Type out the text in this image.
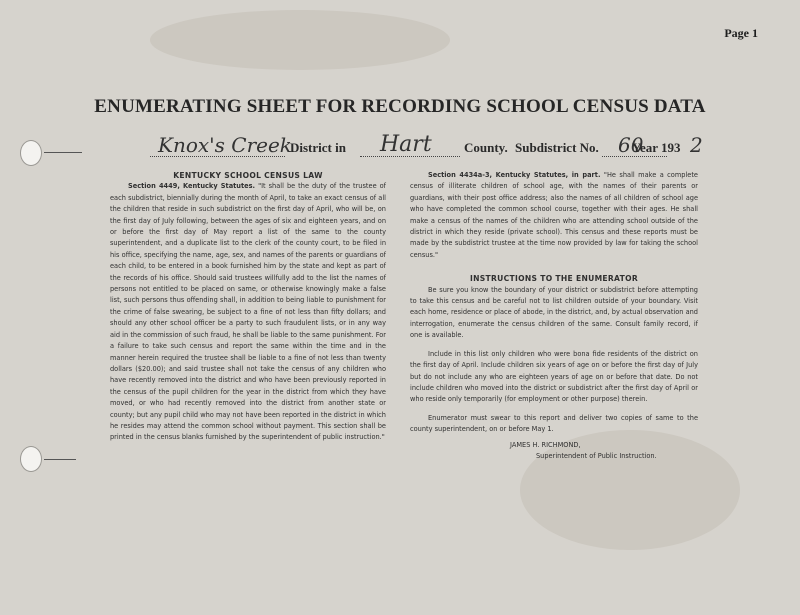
Page 1
ENUMERATING SHEET FOR RECORDING SCHOOL CENSUS DATA
Knox's Creek
District in Hart County. Subdistrict No. 60
Year 193 2

KENTUCKY SCHOOL CENSUS LAW

Section 4449, Kentucky Statutes. "It shall be the duty of the trustee of each subdistrict, biennially during the month of April, to take an exact census of all the children that reside in such subdistrict on the first day of April, who will be, on the first day of July following, between the ages of six and eighteen years, and on or before the first day of May report a list of the same to the county superintendent, and a duplicate list to the clerk of the county court, to be filed in his office, specifying the name, age, sex, and names of the parents or guardians of each child, to be entered in a book furnished him by the state and kept as part of the records of his office. Should said trustees willfully add to the list the names of persons not entitled to be placed on same, or otherwise knowingly make a false list, such persons thus offending shall, in addition to being liable to punishment for the crime of false swearing, be subject to a fine of not less than fifty dollars; and should any other school officer be a party to such fraudulent lists, or in any way aid in the commission of such fraud, he shall be liable to the same punishment. For a failure to take such census and report the same within the time and in the manner herein required the trustee shall be liable to a fine of not less than twenty dollars ($20.00); and said trustee shall not take the census of any children who have recently removed into the district and who have been previously reported in the census of the pupil children for the year in the district from which they have moved, or who had recently removed into the district from another state or county; but any pupil child who may not have been reported in the district in which he resides may attend the common school without payment. This section shall be printed in the census blanks furnished by the superintendent of public instruction."

Section 4434a-3, Kentucky Statutes, in part. "He shall make a complete census of illiterate children of school age, with the names of their parents or guardians, with their post office address; also the names of all children of school age who have completed the common school course, together with their ages. He shall make a census of the names of the children who are attending school outside of the district in which they reside (private school). This census and these reports must be made by the subdistrict trustee at the time now provided by law for taking the school census."

INSTRUCTIONS TO THE ENUMERATOR

Be sure you know the boundary of your district or subdistrict before attempting to take this census and be careful not to list children outside of your boundary. Visit each home, residence or place of abode, in the district, and, by actual observation and interrogation, enumerate the census children of the same. Consult family record, if one is available.

Include in this list only children who were bona fide residents of the district on the first day of April. Include children six years of age on or before the first day of July but do not include any who are eighteen years of age on or before that date. Do not include children who moved into the district or subdistrict after the first day of April or who reside only temporarily (for employment or other purpose) therein.

Enumerator must swear to this report and deliver two copies of same to the county superintendent, on or before May 1.

JAMES H. RICHMOND,

Superintendent of Public Instruction.
